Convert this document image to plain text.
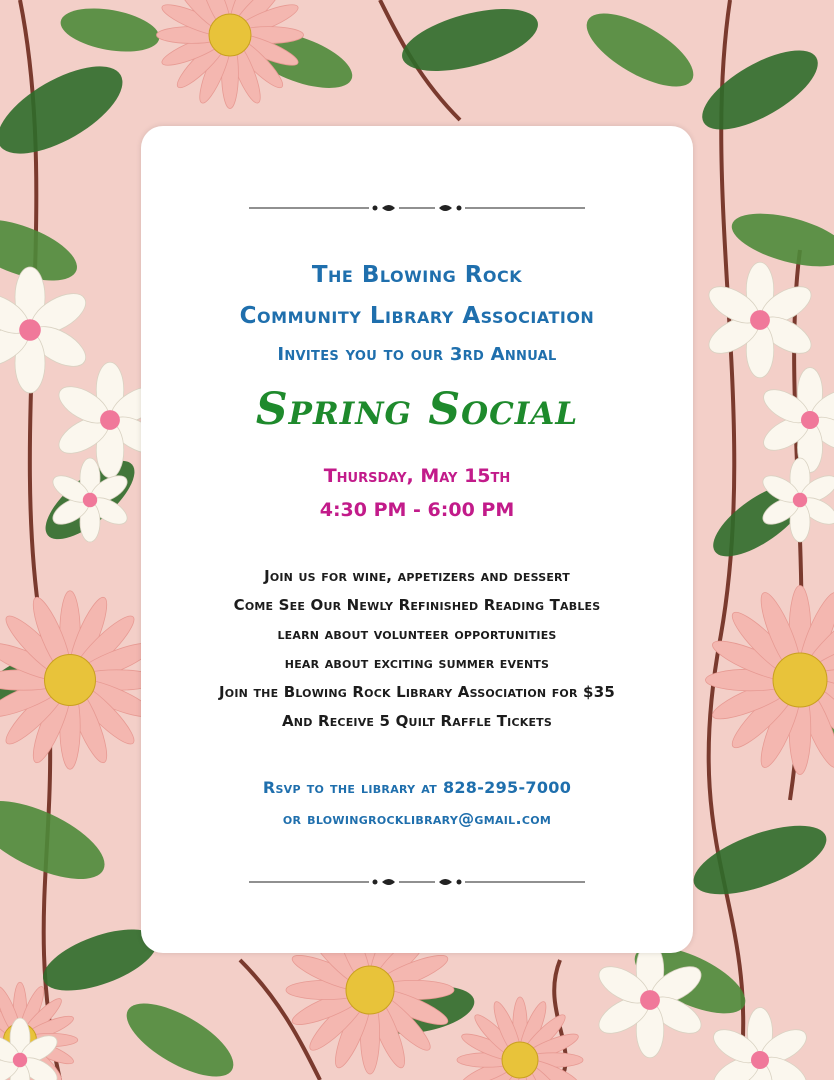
The Blowing Rock
Community Library Association
Invites you to our 3rd Annual
Spring Social
Thursday, May 15th
4:30 PM - 6:00 PM
Join us for wine, appetizers and dessert
Come See Our Newly Refinished Reading Tables
learn about volunteer opportunities
hear about exciting summer events
Join the Blowing Rock Library Association for $35
And Receive 5 Quilt Raffle Tickets
Rsvp to the library at 828-295-7000
or blowingrocklibrary@gmail.com
